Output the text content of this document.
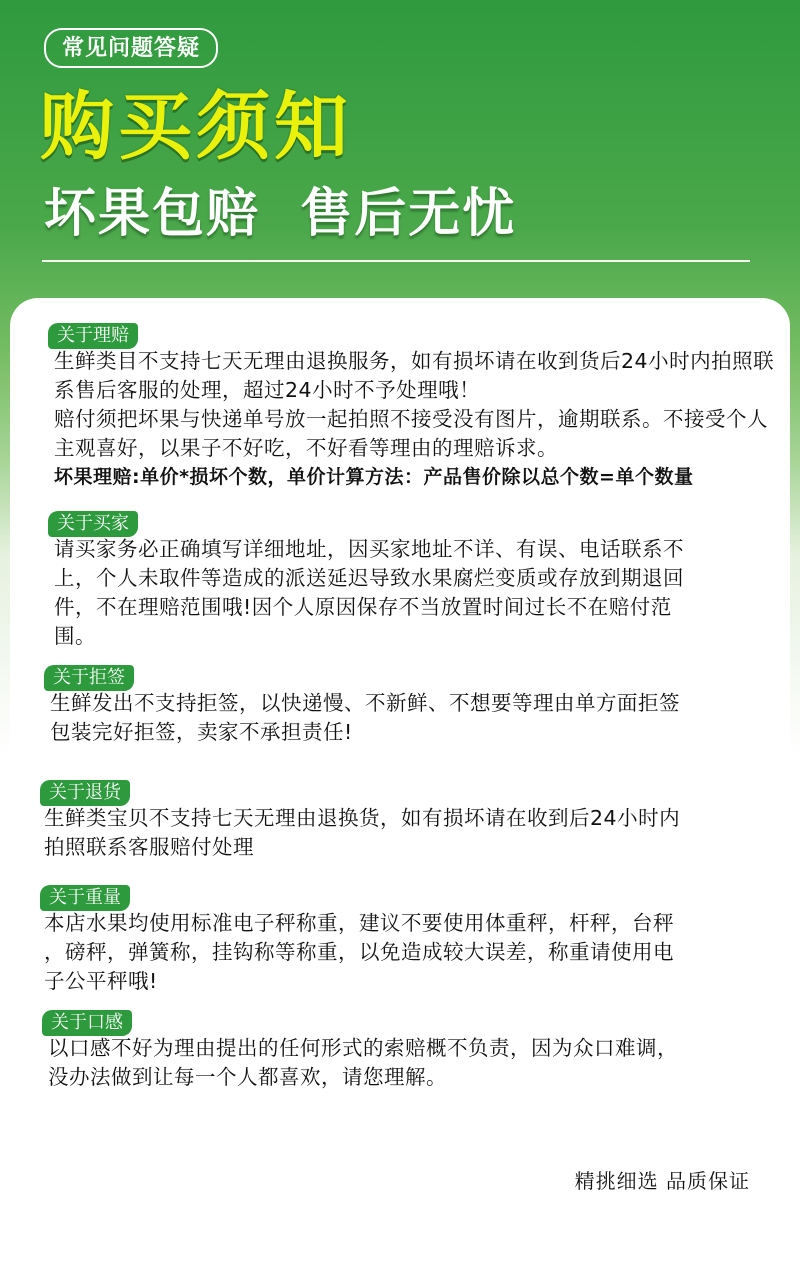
常见问题答疑
购买须知
坏果包赔  售后无忧
关于理赔
生鲜类目不支持七天无理由退换服务，如有损坏请在收到货后24小时内拍照联
系售后客服的处理，超过24小时不予处理哦！
赔付须把坏果与快递单号放一起拍照不接受没有图片，逾期联系。不接受个人
主观喜好，以果子不好吃，不好看等理由的理赔诉求。
坏果理赔:单价*损坏个数，单价计算方法：产品售价除以总个数=单个数量
关于买家
请买家务必正确填写详细地址，因买家地址不详、有误、电话联系不
上，个人未取件等造成的派送延迟导致水果腐烂变质或存放到期退回
件，不在理赔范围哦!因个人原因保存不当放置时间过长不在赔付范
围。
关于拒签
生鲜发出不支持拒签，以快递慢、不新鲜、不想要等理由单方面拒签
包装完好拒签，卖家不承担责任!
关于退货
生鲜类宝贝不支持七天无理由退换货，如有损坏请在收到后24小时内
拍照联系客服赔付处理
关于重量
本店水果均使用标准电子秤称重，建议不要使用体重秤，杆秤，台秤
，磅秤，弹簧称，挂钩称等称重，以免造成较大误差，称重请使用电
子公平秤哦!
关于口感
以口感不好为理由提出的任何形式的索赔概不负责，因为众口难调，
没办法做到让每一个人都喜欢，请您理解。
精挑细选 品质保证
